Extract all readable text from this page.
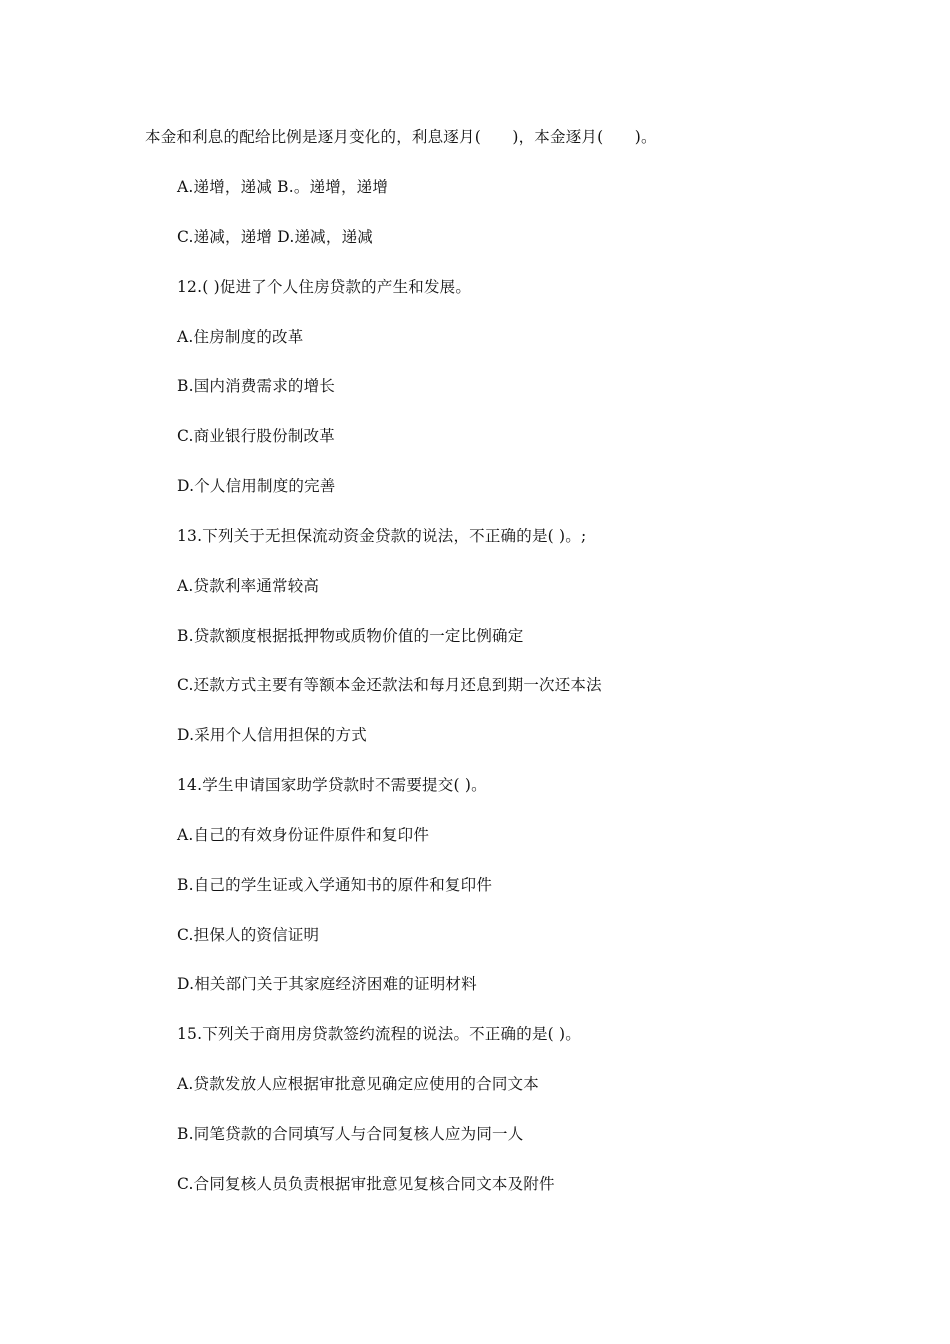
本金和利息的配给比例是逐月变化的，利息逐月(　　)，本金逐月(　　)。
A.递增，递减 B.。递增，递增
C.递减，递增 D.递减，递减
12.( )促进了个人住房贷款的产生和发展。
A.住房制度的改革
B.国内消费需求的增长
C.商业银行股份制改革
D.个人信用制度的完善
13.下列关于无担保流动资金贷款的说法，不正确的是( )。;
A.贷款利率通常较高
B.贷款额度根据抵押物或质物价值的一定比例确定
C.还款方式主要有等额本金还款法和每月还息到期一次还本法
D.采用个人信用担保的方式
14.学生申请国家助学贷款时不需要提交( )。
A.自己的有效身份证件原件和复印件
B.自己的学生证或入学通知书的原件和复印件
C.担保人的资信证明
D.相关部门关于其家庭经济困难的证明材料
15.下列关于商用房贷款签约流程的说法。不正确的是( )。
A.贷款发放人应根据审批意见确定应使用的合同文本
B.同笔贷款的合同填写人与合同复核人应为同一人
C.合同复核人员负责根据审批意见复核合同文本及附件
